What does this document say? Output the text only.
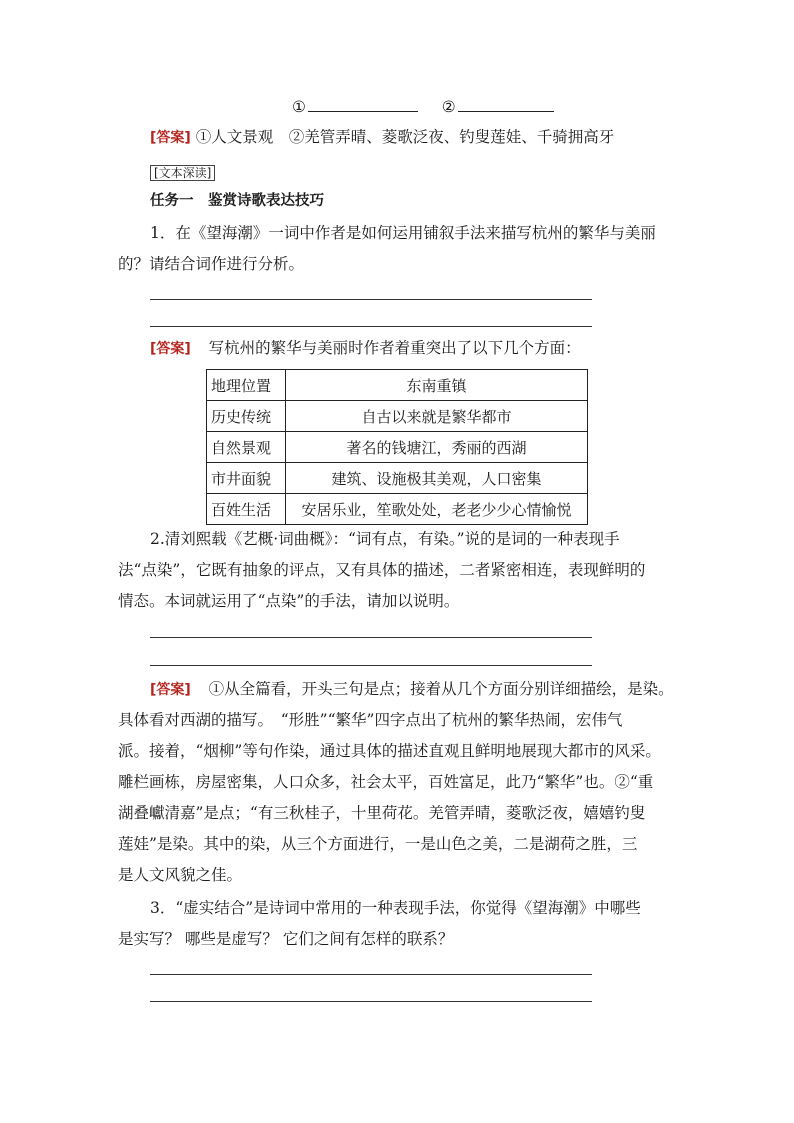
①	②
[答案] ①人文景观　②羌管弄晴、菱歌泛夜、钓叟莲娃、千骑拥高牙
[文本深读]
任务一　鉴赏诗歌表达技巧
1．在《望海潮》一词中作者是如何运用铺叙手法来描写杭州的繁华与美丽
的？请结合词作进行分析。
[答案] 写杭州的繁华与美丽时作者着重突出了以下几个方面：
地理位置	东南重镇
历史传统	自古以来就是繁华都市
自然景观	著名的钱塘江，秀丽的西湖
市井面貌	建筑、设施极其美观，人口密集
百姓生活	安居乐业，笙歌处处，老老少少心情愉悦
2.清刘熙载《艺概·词曲概》：“词有点，有染。”说的是词的一种表现手
法“点染”，它既有抽象的评点，又有具体的描述，二者紧密相连，表现鲜明的
情态。本词就运用了“点染”的手法，请加以说明。
[答案] ①从全篇看，开头三句是点；接着从几个方面分别详细描绘，是染。
具体看对西湖的描写。　“形胜”“繁华”四字点出了杭州的繁华热闹，宏伟气
派。接着，“烟柳”等句作染，通过具体的描述直观且鲜明地展现大都市的风采。
雕栏画栋，房屋密集，人口众多，社会太平，百姓富足，此乃“繁华”也。②“重
湖叠巘清嘉”是点；“有三秋桂子，十里荷花。羌管弄晴，菱歌泛夜，嬉嬉钓叟
莲娃”是染。其中的染，从三个方面进行，一是山色之美，二是湖荷之胜，三
是人文风貌之佳。
3．“虚实结合”是诗词中常用的一种表现手法，你觉得《望海潮》中哪些
是实写？ 哪些是虚写？ 它们之间有怎样的联系？
